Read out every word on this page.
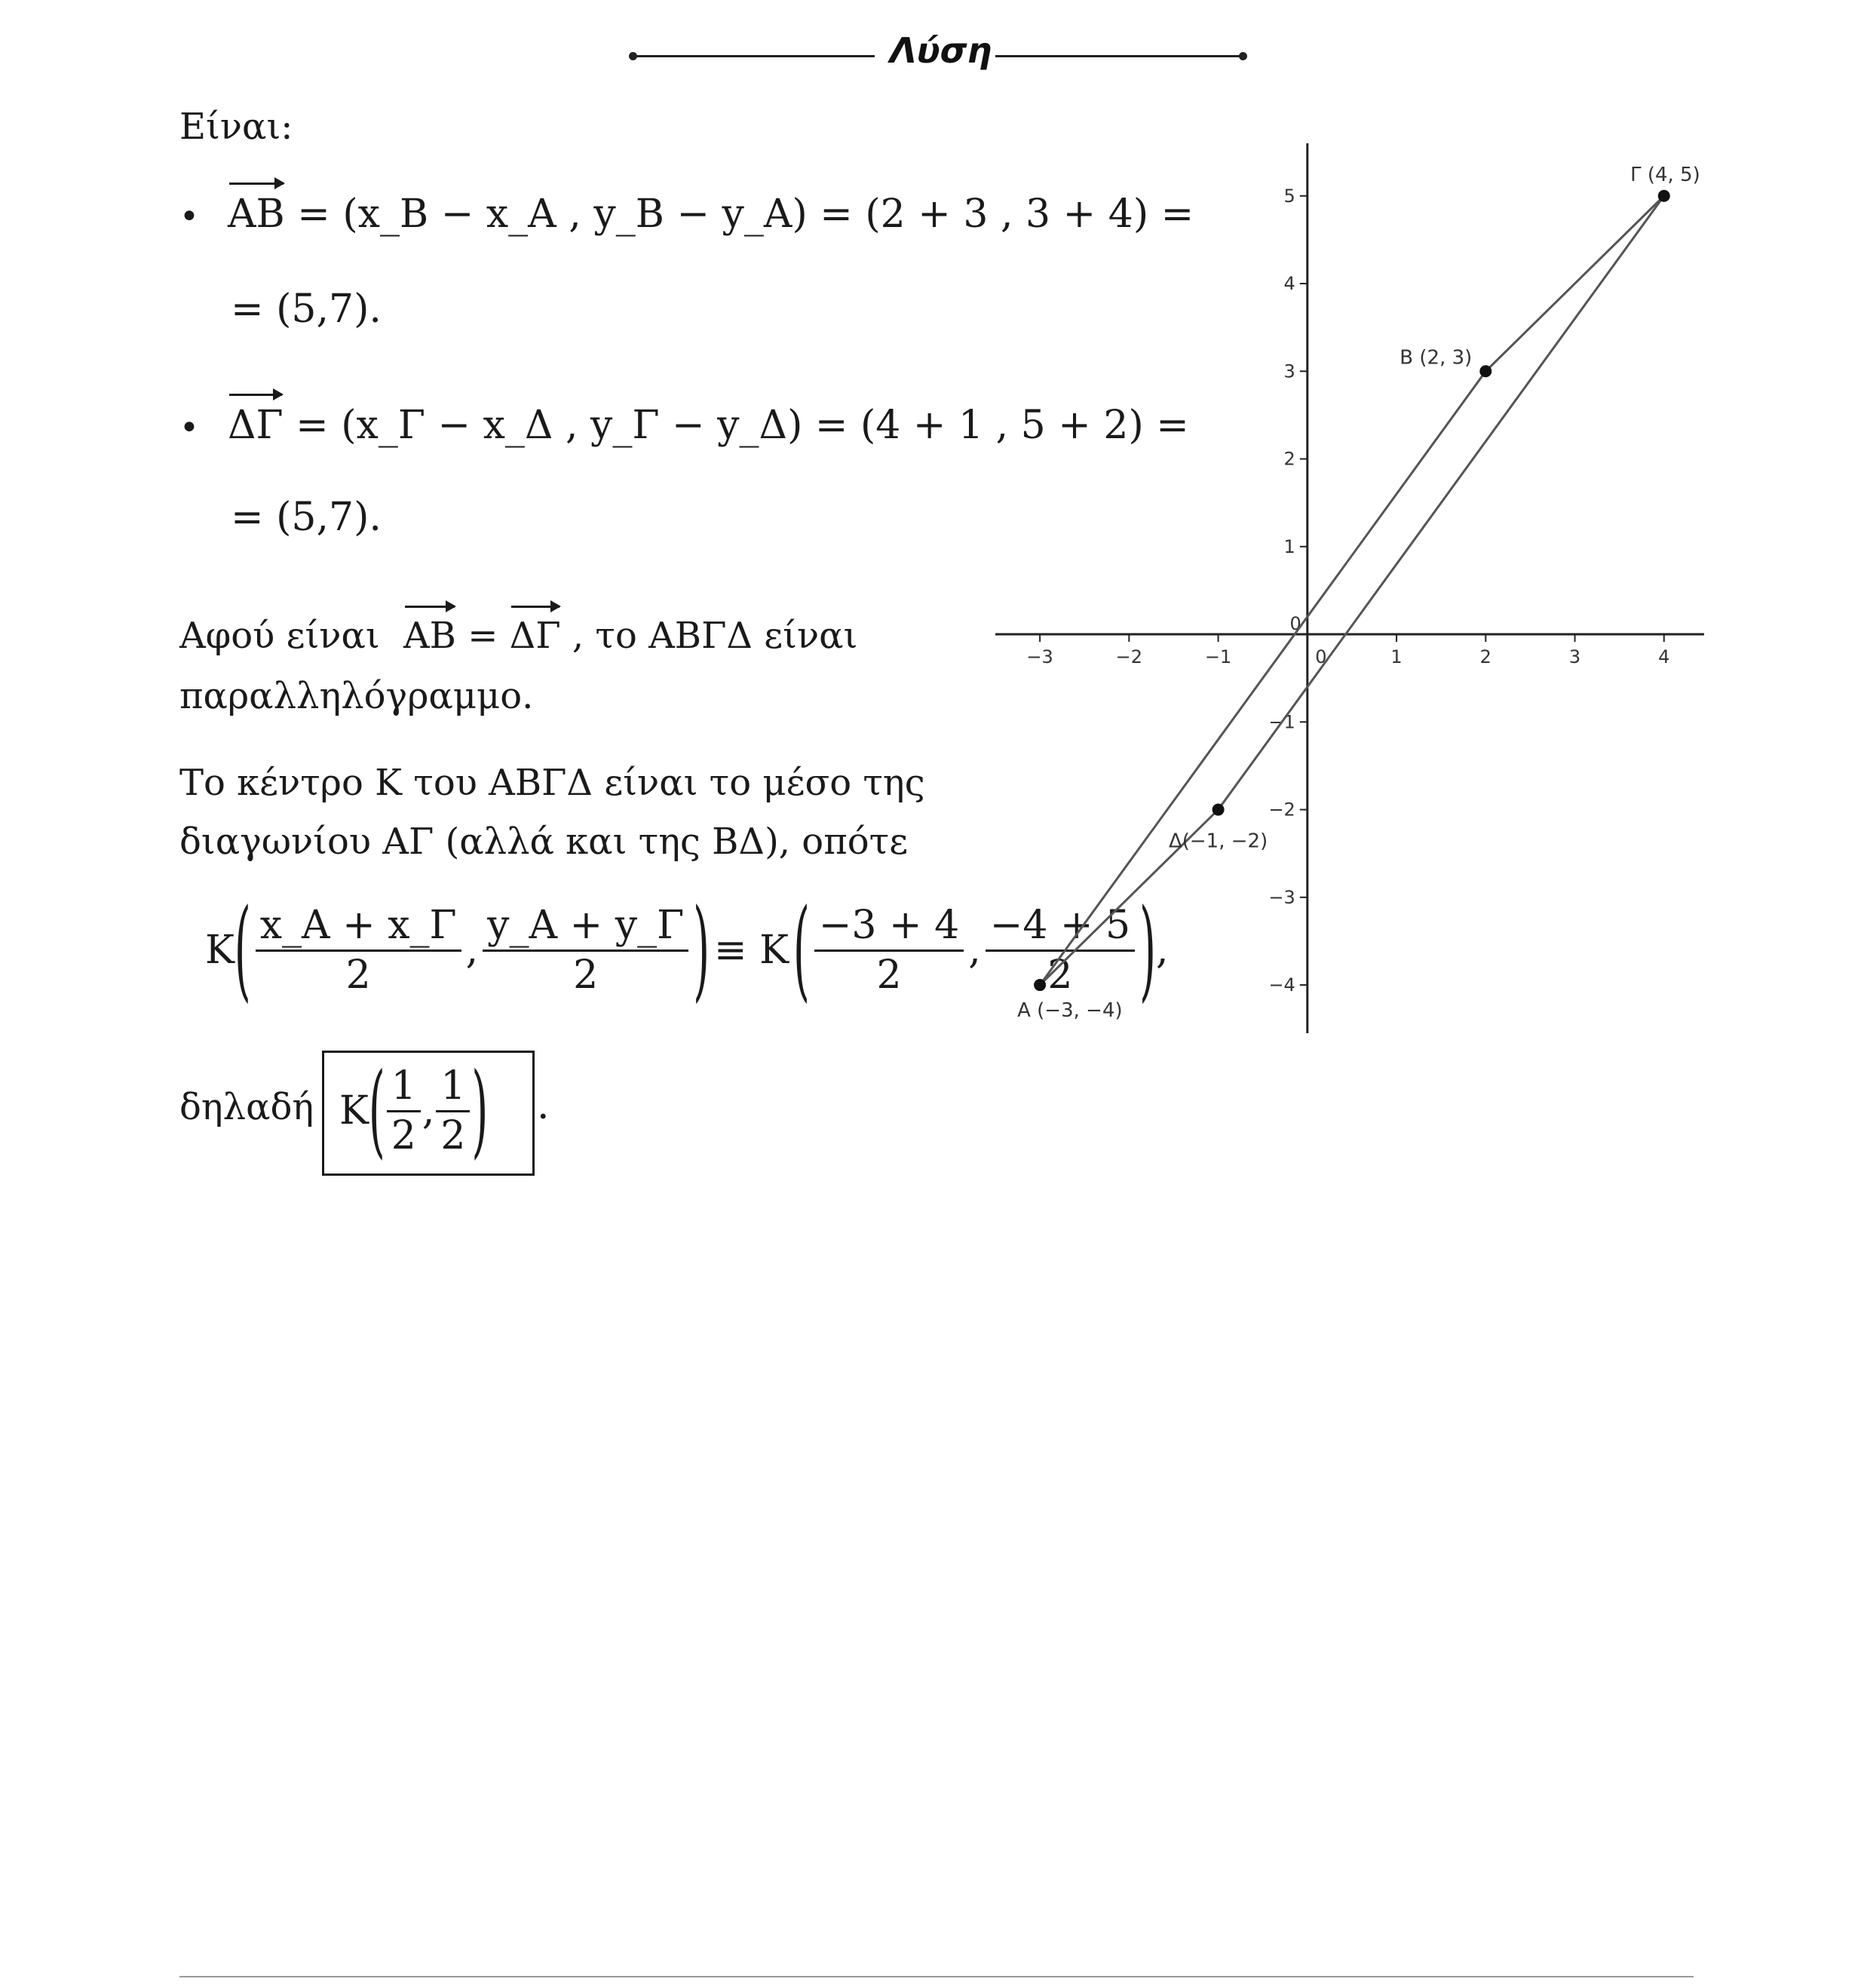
Λύση
Είναι:
• AB = (x_B − x_A , y_B − y_A) = (2 + 3 , 3 + 4) =
= (5,7).
• ΔΓ = (x_Γ − x_Δ , y_Γ − y_Δ) = (4 + 1 , 5 + 2) =
= (5,7).
Αφού είναι AB = ΔΓ , το ΑΒΓΔ είναι
παραλληλόγραμμο.
Το κέντρο Κ του ΑΒΓΔ είναι το μέσο της
διαγωνίου ΑΓ (αλλά και της ΒΔ), οπότε
K ( $\frac{x\_A + x\_\Gamma}{2}$ , $\frac{y\_A + y\_\Gamma}{2}$ ) ≡ K ( $\frac{-3 + 4}{2}$ , $\frac{-4 + 5}{2}$ ) ,
δηλαδή K ( $\frac{1}{2}$ , $\frac{1}{2}$ ) .
−3	−2	−1	0	1	2	3	4
−4
−3
−2
−1
0
1
2
3
4
5
A (−3, −4)
B (2, 3)
Γ (4, 5)
Δ(−1, −2)
